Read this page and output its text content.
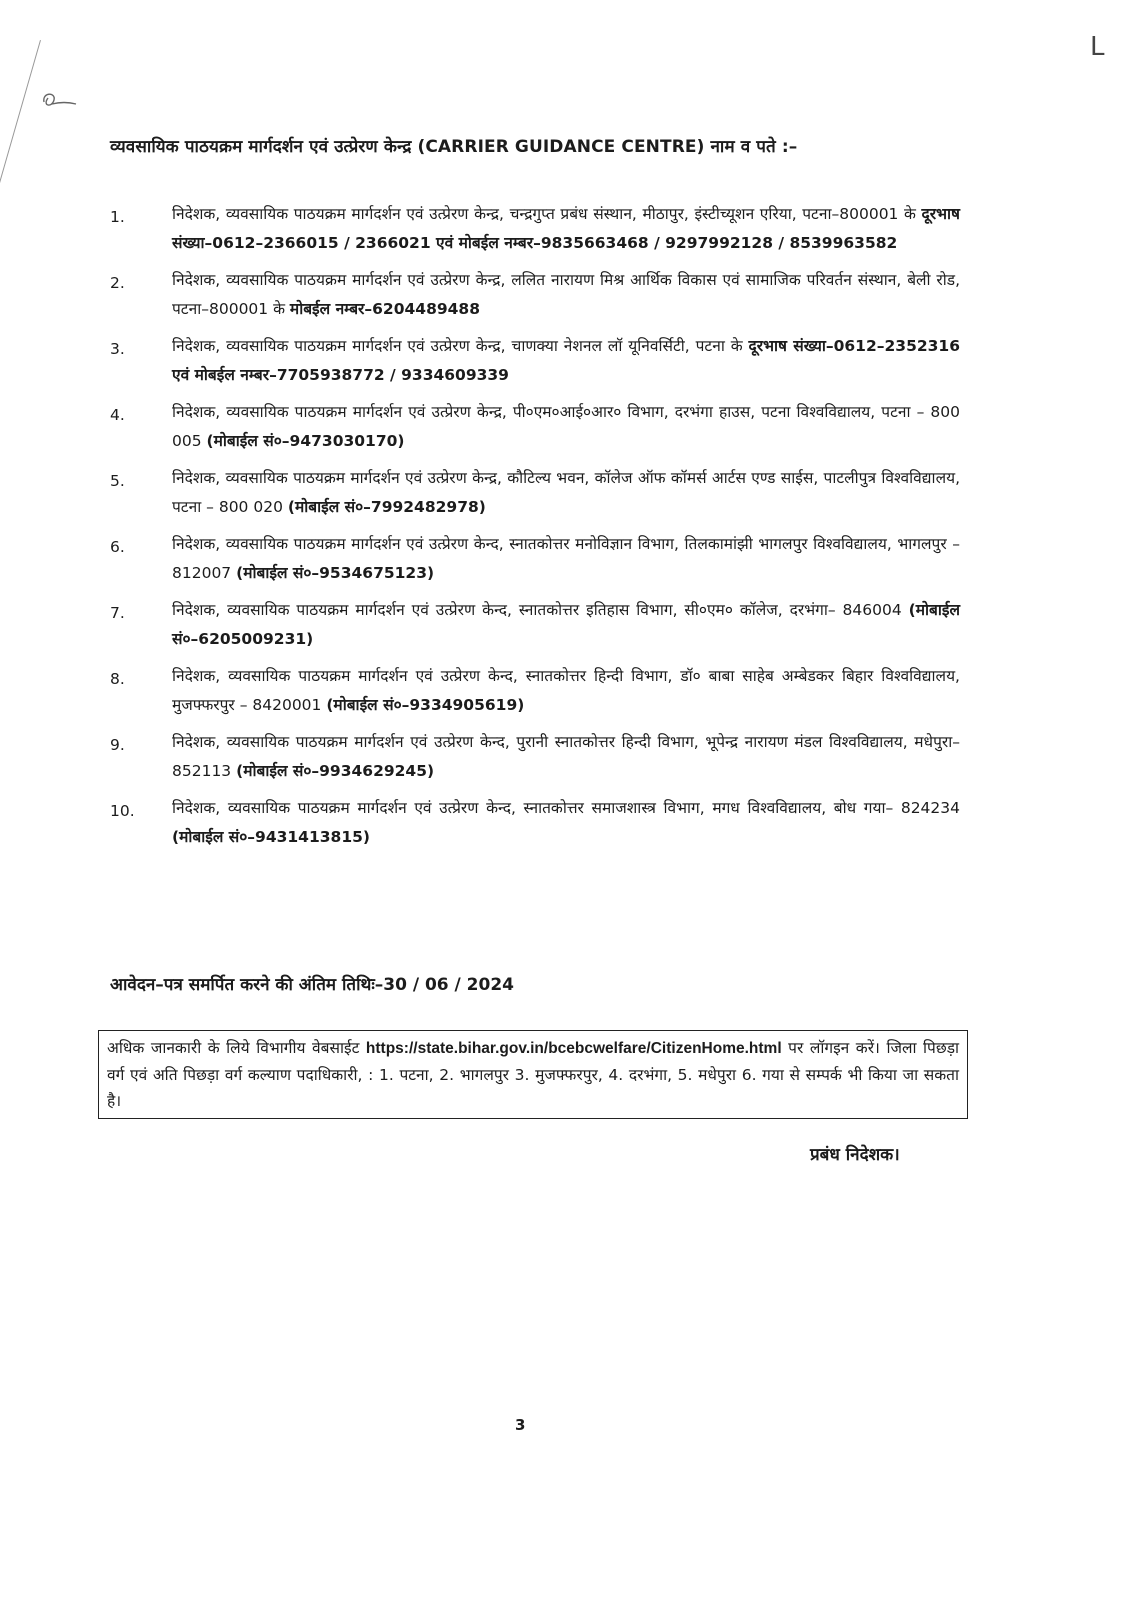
L
व्यवसायिक पाठयक्रम मार्गदर्शन एवं उत्प्रेरण केन्द्र (CARRIER GUIDANCE CENTRE) नाम व पते :–
1.	निदेशक, व्यवसायिक पाठयक्रम मार्गदर्शन एवं उत्प्रेरण केन्द्र, चन्द्रगुप्त प्रबंध संस्थान, मीठापुर, इंस्टीच्यूशन एरिया, पटना–800001 के दूरभाष संख्या–0612–2366015 / 2366021 एवं मोबईल नम्बर–9835663468 / 9297992128 / 8539963582
2.	निदेशक, व्यवसायिक पाठयक्रम मार्गदर्शन एवं उत्प्रेरण केन्द्र, ललित नारायण मिश्र आर्थिक विकास एवं सामाजिक परिवर्तन संस्थान, बेली रोड, पटना–800001 के मोबईल नम्बर–6204489488
3.	निदेशक, व्यवसायिक पाठयक्रम मार्गदर्शन एवं उत्प्रेरण केन्द्र, चाणक्या नेशनल लॉ यूनिवर्सिटी, पटना के दूरभाष संख्या–0612–2352316 एवं मोबईल नम्बर–7705938772 / 9334609339
4.	निदेशक, व्यवसायिक पाठयक्रम मार्गदर्शन एवं उत्प्रेरण केन्द्र, पी०एम०आई०आर० विभाग, दरभंगा हाउस, पटना विश्वविद्यालय, पटना – 800 005 (मोबाईल सं०–9473030170)
5.	निदेशक, व्यवसायिक पाठयक्रम मार्गदर्शन एवं उत्प्रेरण केन्द्र, कौटिल्य भवन, कॉलेज ऑफ कॉमर्स आर्टस एण्ड साईस, पाटलीपुत्र विश्वविद्यालय, पटना – 800 020 (मोबाईल सं०–7992482978)
6.	निदेशक, व्यवसायिक पाठयक्रम मार्गदर्शन एवं उत्प्रेरण केन्द, स्नातकोत्तर मनोविज्ञान विभाग, तिलकामांझी भागलपुर विश्वविद्यालय, भागलपुर – 812007 (मोबाईल सं०–9534675123)
7.	निदेशक, व्यवसायिक पाठयक्रम मार्गदर्शन एवं उत्प्रेरण केन्द, स्नातकोत्तर इतिहास विभाग, सी०एम० कॉलेज, दरभंगा– 846004 (मोबाईल सं०–6205009231)
8.	निदेशक, व्यवसायिक पाठयक्रम मार्गदर्शन एवं उत्प्रेरण केन्द, स्नातकोत्तर हिन्दी विभाग, डॉ० बाबा साहेब अम्बेडकर बिहार विश्वविद्यालय, मुजफ्फरपुर – 8420001 (मोबाईल सं०–9334905619)
9.	निदेशक, व्यवसायिक पाठयक्रम मार्गदर्शन एवं उत्प्रेरण केन्द, पुरानी स्नातकोत्तर हिन्दी विभाग, भूपेन्द्र नारायण मंडल विश्वविद्यालय, मधेपुरा– 852113 (मोबाईल सं०–9934629245)
10.	निदेशक, व्यवसायिक पाठयक्रम मार्गदर्शन एवं उत्प्रेरण केन्द, स्नातकोत्तर समाजशास्त्र विभाग, मगध विश्वविद्यालय, बोध गया– 824234 (मोबाईल सं०–9431413815)
आवेदन–पत्र समर्पित करने की अंतिम तिथिः–30 / 06 / 2024
अधिक जानकारी के लिये विभागीय वेबसाईट https://state.bihar.gov.in/bcebcwelfare/CitizenHome.html पर लॉगइन करें। जिला पिछड़ा वर्ग एवं अति पिछड़ा वर्ग कल्याण पदाधिकारी, : 1. पटना, 2. भागलपुर 3. मुजफ्फरपुर, 4. दरभंगा, 5. मधेपुरा 6. गया से सम्पर्क भी किया जा सकता है।
प्रबंध निदेशक।
3
